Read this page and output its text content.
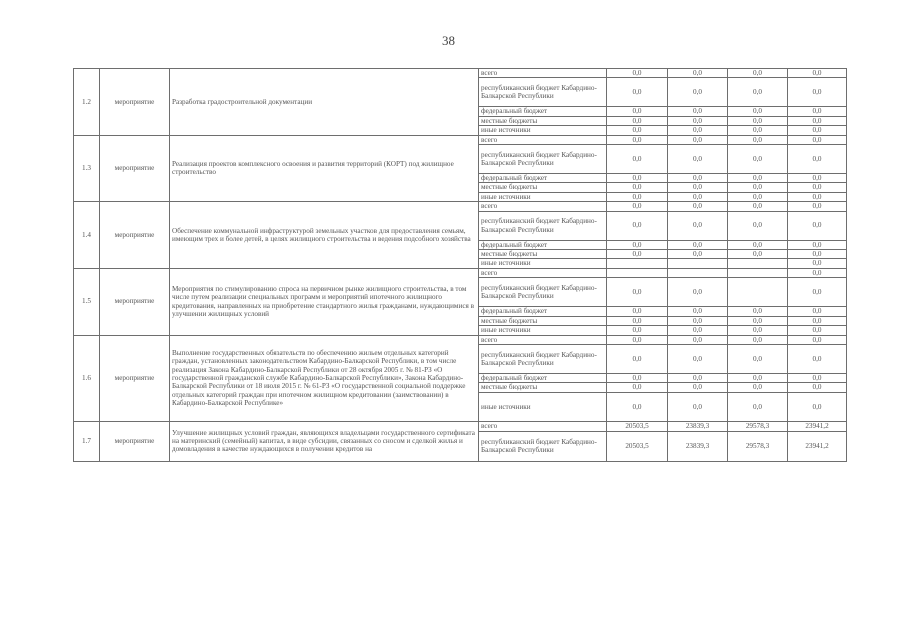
38
1.2	мероприятие	Разработка градостроительной документации	всего	0,0	0,0	0,0	0,0
			республиканский бюджет Кабардино-Балкарской Республики	0,0	0,0	0,0	0,0
			федеральный бюджет	0,0	0,0	0,0	0,0
			местные бюджеты	0,0	0,0	0,0	0,0
			иные источники	0,0	0,0	0,0	0,0
1.3	мероприятие	Реализация проектов комплексного освоения и развития территорий (КОРТ) под жилищное строительство	всего	0,0	0,0	0,0	0,0
			республиканский бюджет Кабардино-Балкарской Республики	0,0	0,0	0,0	0,0
			федеральный бюджет	0,0	0,0	0,0	0,0
			местные бюджеты	0,0	0,0	0,0	0,0
			иные источники	0,0	0,0	0,0	0,0
1.4	мероприятие	Обеспечение коммунальной инфраструктурой земельных участков для предоставления семьям, имеющим трех и более детей, в целях жилищного строительства и ведения подсобного хозяйства	всего	0,0	0,0	0,0	0,0
			республиканский бюджет Кабардино-Балкарской Республики	0,0	0,0	0,0	0,0
			федеральный бюджет	0,0	0,0	0,0	0,0
			местные бюджеты	0,0	0,0	0,0	0,0
			иные источники				0,0
1.5	мероприятие	Мероприятия по стимулированию спроса на первичном рынке жилищного строительства, в том числе путем реализации специальных программ и мероприятий ипотечного жилищного кредитования, направленных на приобретение стандартного жилья гражданами, нуждающимися в улучшении жилищных условий	всего				0,0
			республиканский бюджет Кабардино-Балкарской Республики	0,0	0,0		0,0
			федеральный бюджет	0,0	0,0	0,0	0,0
			местные бюджеты	0,0	0,0	0,0	0,0
			иные источники	0,0	0,0	0,0	0,0
1.6	мероприятие	Выполнение государственных обязательств по обеспечению жильем отдельных категорий граждан, установленных законодательством Кабардино-Балкарской Республики, в том числе реализация Закона Кабардино-Балкарской Республики от 28 октября 2005 г. № 81-РЗ «О государственной гражданской службе Кабардино-Балкарской Республики», Закона Кабардино-Балкарской Республики от 18 июля 2015 г. № 61-РЗ «О государственной социальной поддержке отдельных категорий граждан при ипотечном жилищном кредитовании (заимствовании) в Кабардино-Балкарской Республике»	всего	0,0	0,0	0,0	0,0
			республиканский бюджет Кабардино-Балкарской Республики	0,0	0,0	0,0	0,0
			федеральный бюджет	0,0	0,0	0,0	0,0
			местные бюджеты	0,0	0,0	0,0	0,0
			иные источники	0,0	0,0	0,0	0,0
1.7	мероприятие	Улучшение жилищных условий граждан, являющихся владельцами государственного сертификата на материнский (семейный) капитал, в виде субсидии, связанных со сносом и сделкой жилья и домовладения в качестве нуждающихся в получении кредитов на	всего	20503,5	23839,3	29578,3	23941,2
			республиканский бюджет Кабардино-Балкарской Республики	20503,5	23839,3	29578,3	23941,2
